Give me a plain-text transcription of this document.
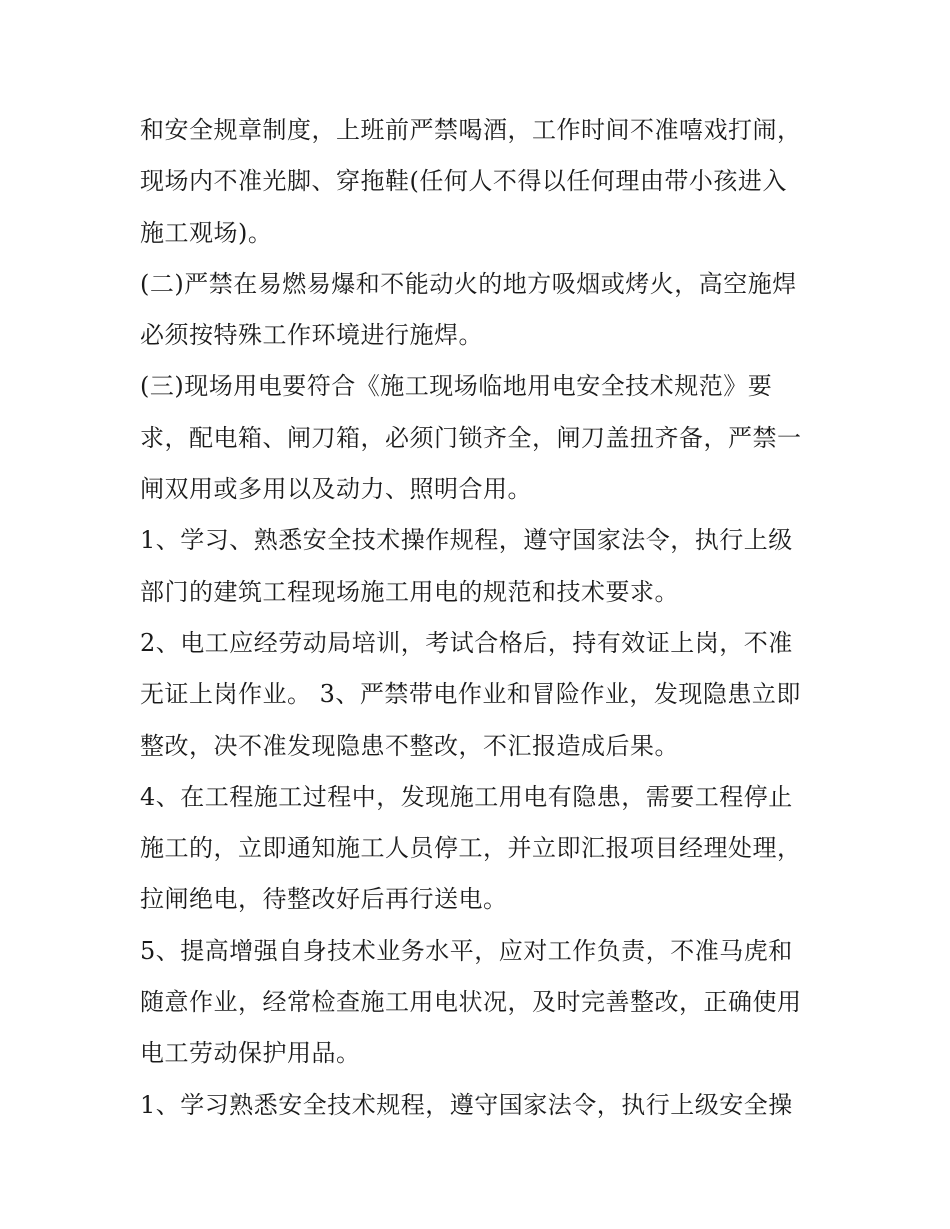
和安全规章制度，上班前严禁喝酒，工作时间不准嘻戏打闹，
现场内不准光脚、穿拖鞋(任何人不得以任何理由带小孩进入
施工观场)。
(二)严禁在易燃易爆和不能动火的地方吸烟或烤火，高空施焊
必须按特殊工作环境进行施焊。
(三)现场用电要符合《施工现场临地用电安全技术规范》要
求，配电箱、闸刀箱，必须门锁齐全，闸刀盖扭齐备，严禁一
闸双用或多用以及动力、照明合用。
1、学习、熟悉安全技术操作规程，遵守国家法令，执行上级
部门的建筑工程现场施工用电的规范和技术要求。
2、电工应经劳动局培训，考试合格后，持有效证上岗，不准
无证上岗作业。 3、严禁带电作业和冒险作业，发现隐患立即
整改，决不准发现隐患不整改，不汇报造成后果。
4、在工程施工过程中，发现施工用电有隐患，需要工程停止
施工的，立即通知施工人员停工，并立即汇报项目经理处理，
拉闸绝电，待整改好后再行送电。
5、提高增强自身技术业务水平，应对工作负责，不准马虎和
随意作业，经常检查施工用电状况，及时完善整改，正确使用
电工劳动保护用品。
1、学习熟悉安全技术规程，遵守国家法令，执行上级安全操
